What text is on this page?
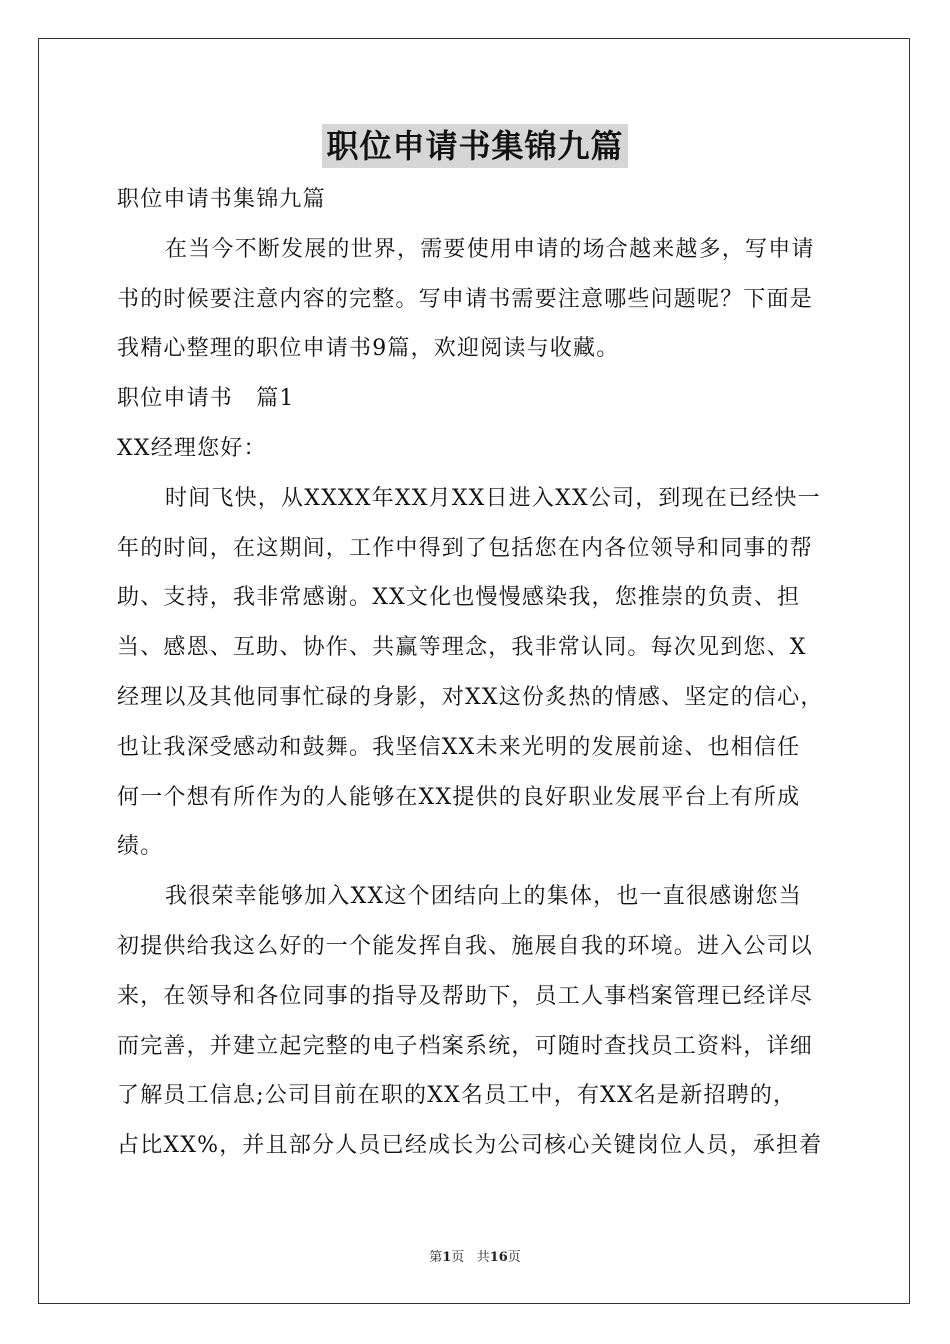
职位申请书集锦九篇
职位申请书集锦九篇
在当今不断发展的世界，需要使用申请的场合越来越多，写申请
书的时候要注意内容的完整。写申请书需要注意哪些问题呢？下面是
我精心整理的职位申请书9篇，欢迎阅读与收藏。
职位申请书　篇1
XX经理您好：
时间飞快，从XXXX年XX月XX日进入XX公司，到现在已经快一
年的时间，在这期间，工作中得到了包括您在内各位领导和同事的帮
助、支持，我非常感谢。XX文化也慢慢感染我，您推崇的负责、担
当、感恩、互助、协作、共赢等理念，我非常认同。每次见到您、X
经理以及其他同事忙碌的身影，对XX这份炙热的情感、坚定的信心，
也让我深受感动和鼓舞。我坚信XX未来光明的发展前途、也相信任
何一个想有所作为的人能够在XX提供的良好职业发展平台上有所成
绩。
我很荣幸能够加入XX这个团结向上的集体，也一直很感谢您当
初提供给我这么好的一个能发挥自我、施展自我的环境。进入公司以
来，在领导和各位同事的指导及帮助下，员工人事档案管理已经详尽
而完善，并建立起完整的电子档案系统，可随时查找员工资料，详细
了解员工信息;公司目前在职的XX名员工中，有XX名是新招聘的，
占比XX%，并且部分人员已经成长为公司核心关键岗位人员，承担着
第1页 共16页
